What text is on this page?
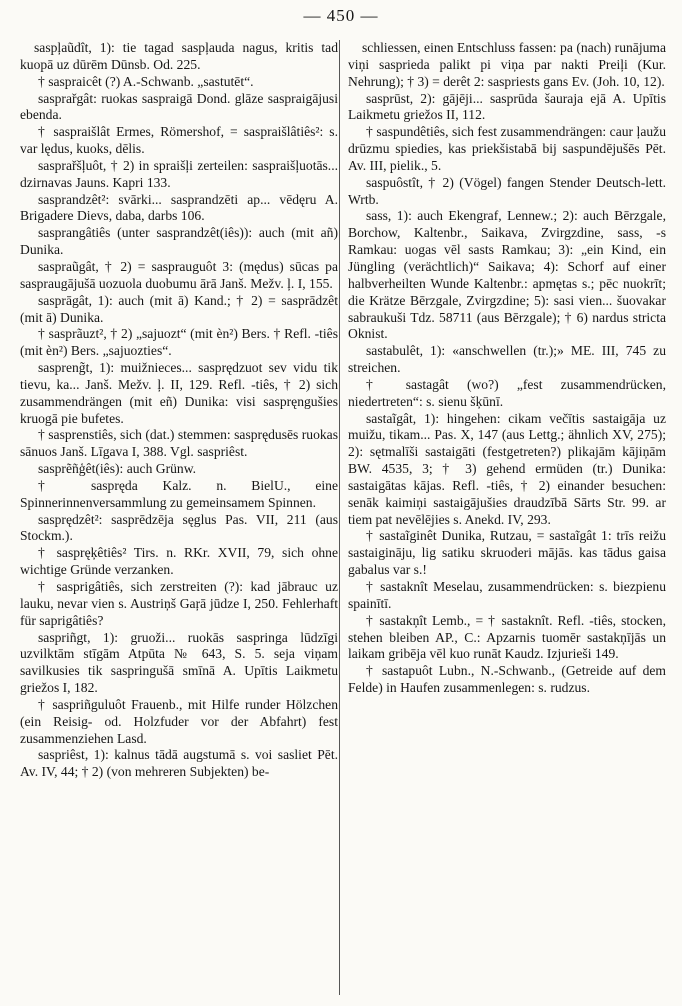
— 450 —

saspļaũdît, 1): tie tagad saspļauda nagus, kritis tad kuopā uz dūrēm Dūnsb. Od. 225.

† saspraicêt (?) A.-Schwanb. „sastutēt“.

sasprařgât: ruokas saspraigā Dond. glāze saspraigājusi ebenda.

† saspraišlât Ermes, Römershof, = saspraišlâtiês²: s. var lędus, kuoks, dēlis.

sasprařšļuôt, † 2) in spraišļi zerteilen: saspraišļuotās... dzirnavas Jauns. Kapri 133.

sasprandzêt²: svārki... sasprandzēti ap... vēdęru A. Brigadere Dievs, daba, darbs 106.

sasprangâtiês (unter sasprandzêt(iês)): auch (mit añ) Dunika.

saspraũgât, † 2) = sasprauguôt 3: (mędus) sūcas pa saspraugājušā uozuola duobumu ārā Janš. Mežv. ļ. I, 155.

sasprāgât, 1): auch (mit ā) Kand.; † 2) = sasprādzêt (mit ā) Dunika.

† sasprãuzt², † 2) „sajuozt“ (mit èn²) Bers. † Refl. -tiês (mit èn²) Bers. „sajuozties“.

saspreng̃t, 1): muižnieces... sasprędzuot sev vidu tik tievu, ka... Janš. Mežv. ļ. II, 129. Refl. -tiês, † 2) sich zusammendrängen (mit eñ) Dunika: visi saspręngušies kruogā pie bufetes.

† sasprenstiês, sich (dat.) stemmen: sasprędusēs ruokas sānuos Janš. Līgava I, 388. Vgl. saspriêst.

sasprẽñģêt(iês): auch Grünw.

† saspręda Kalz. n. BielU., eine Spinnerinnenversammlung zu gemeinsamem Spinnen.

sasprędzêt²: sasprēdzēja sęglus Pas. VII, 211 (aus Stockm.).

† saspręķêtiês² Tirs. n. RKr. XVII, 79, sich ohne wichtige Gründe verzanken.

† sasprigâtiês, sich zerstreiten (?): kad jābrauc uz lauku, nevar vien s. Austriņš Gaŗā jūdze I, 250. Fehlerhaft für saprigâtiês?

saspriñgt, 1): gruoži... ruokās saspringa lūdzīgi uzvilktām stīgām Atpūta № 643, S. 5. seja viņam savilkusies tik saspringušā smīnā A. Upītis Laikmetu griežos I, 182.

† saspriñguluôt Frauenb., mit Hilfe runder Hölzchen (ein Reisig- od. Holzfuder vor der Abfahrt) fest zusammenziehen Lasd.

saspriêst, 1): kalnus tādā augstumā s. voi sasliet Pēt. Av. IV, 44; † 2) (von mehreren Subjekten) be-

schliessen, einen Entschluss fassen: pa (nach) runājuma viņi sasprieda palikt pi viņa par nakti Preiļi (Kur. Nehrung); † 3) = derêt 2: saspriests gans Ev. (Joh. 10, 12).

sasprūst, 2): gājēji... sasprūda šauraja ejā A. Upītis Laikmetu griežos II, 112.

† saspundêtiês, sich fest zusammendrängen: caur ļaužu drūzmu spiedies, kas priekšistabā bij saspundējušēs Pēt. Av. III, pielik., 5.

saspuôstît, † 2) (Vögel) fangen Stender Deutsch-lett. Wrtb.

sass, 1): auch Ekengraf, Lennew.; 2): auch Bērzgale, Borchow, Kaltenbr., Saikava, Zvirgzdine, sass, -s Ramkau: uogas vēl sasts Ramkau; 3): „ein Kind, ein Jüngling (verächtlich)“ Saikava; 4): Schorf auf einer halbverheilten Wunde Kaltenbr.: apmętas s.; pēc nuokrīt; die Krätze Bērzgale, Zvirgzdine; 5): sasi vien... šuovakar sabraukuši Tdz. 58711 (aus Bērzgale); † 6) nardus stricta Oknist.

sastabulêt, 1): «anschwellen (tr.);» ME. III, 745 zu streichen.

† sastagât (wo?) „fest zusammendrücken, niedertreten“: s. sienu šķūnī.

sastaĩgât, 1): hingehen: cikam večītis sastaigāja uz muižu, tikam... Pas. X, 147 (aus Lettg.; ähnlich XV, 275); 2): sętmalīši sastaigāti (festgetreten?) plikajām kājiņām BW. 4535, 3; † 3) gehend ermüden (tr.) Dunika: sastaigātas kājas. Refl. -tiês, † 2) einander besuchen: senāk kaimiņi sastaigājušies draudzībā Sārts Str. 99. ar tiem pat nevēlējies s. Anekd. IV, 293.

† sastaĩginêt Dunika, Rutzau, = sastaĩgât 1: trīs reižu sastaigināju, lig satiku skruoderi mājās. kas tādus gaisa gabalus var s.!

† sastaknît Meselau, zusammendrücken: s. biezpienu spainītī.

† sastakņît Lemb., = † sastaknît. Refl. -tiês, stocken, stehen bleiben AP., C.: Apzarnis tuomēr sastakņījās un laikam gribēja vēl kuo runāt Kaudz. Izjurieši 149.

† sastapuôt Lubn., N.-Schwanb., (Getreide auf dem Felde) in Haufen zusammenlegen: s. rudzus.
